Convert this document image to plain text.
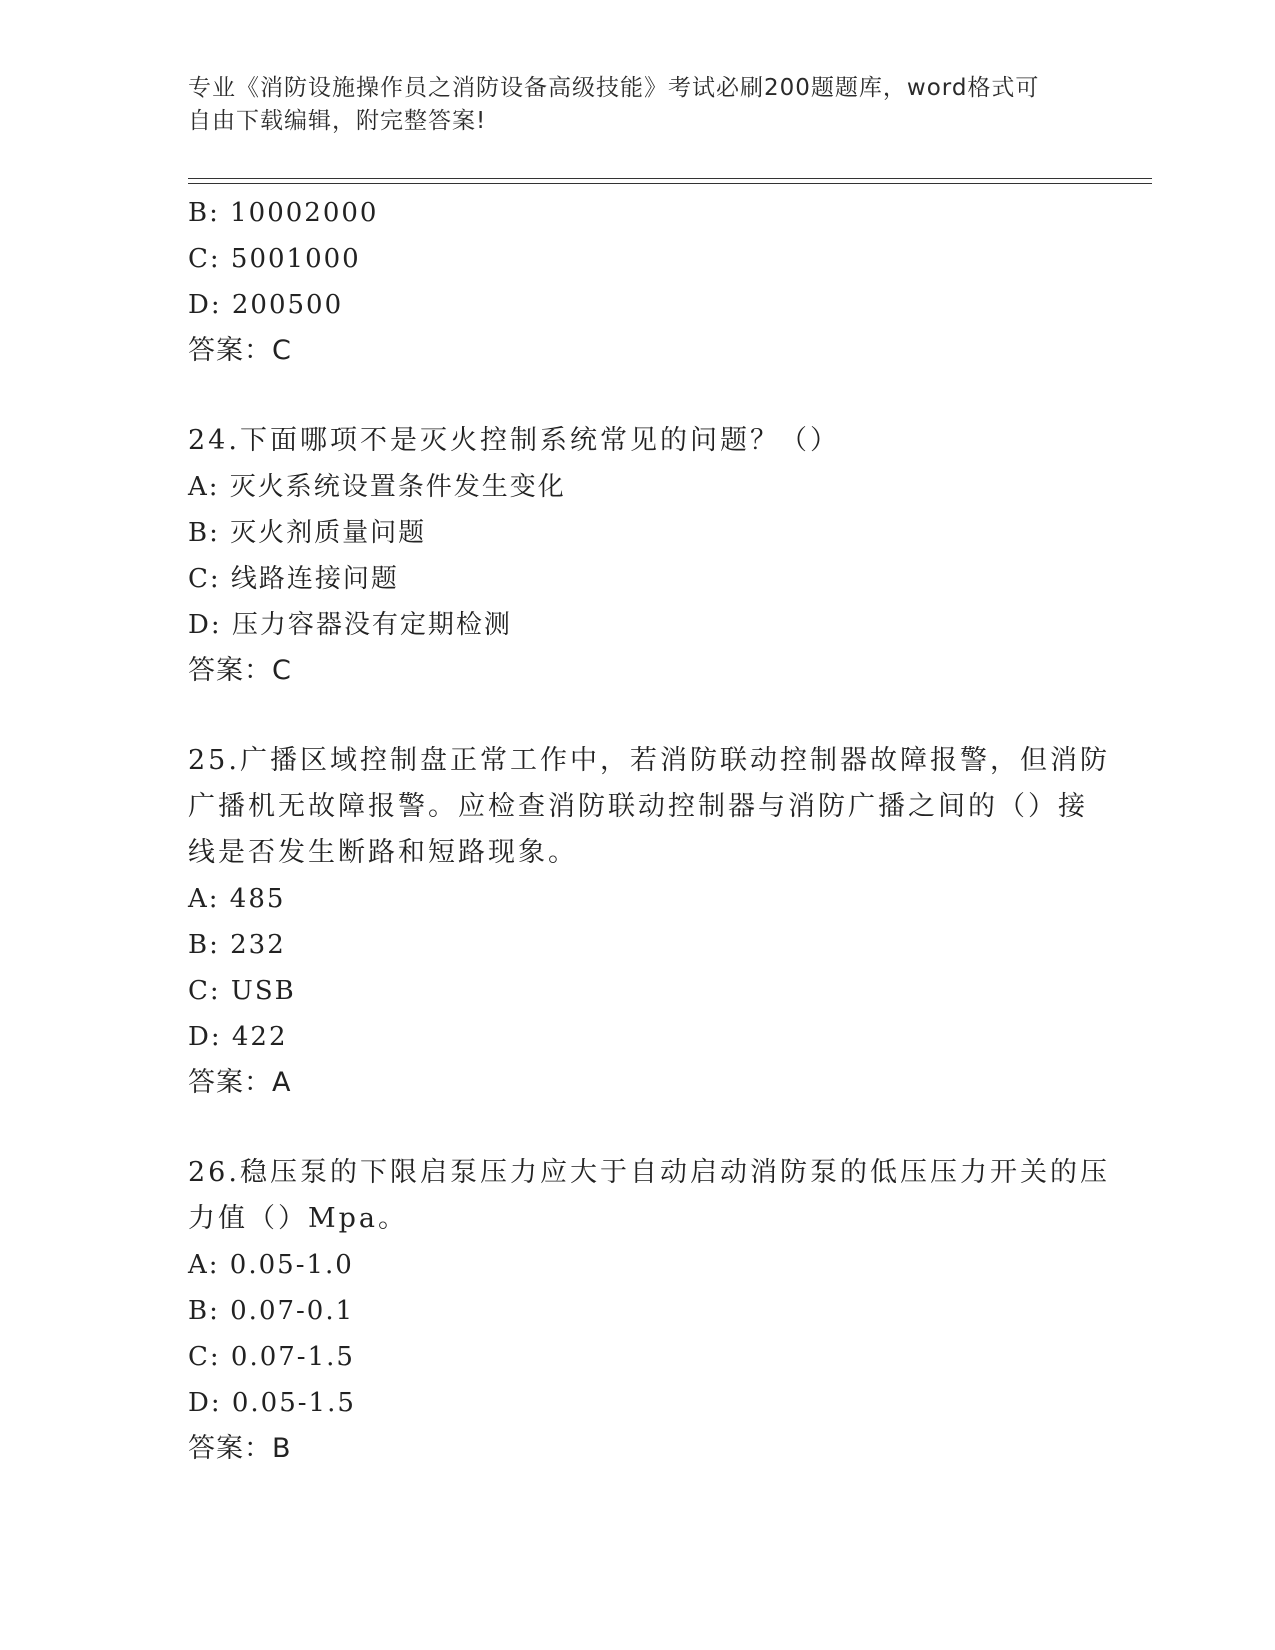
专业《消防设施操作员之消防设备高级技能》考试必刷200题题库，word格式可
自由下载编辑，附完整答案!
B: 10002000
C: 5001000
D: 200500
答案：C
24.下面哪项不是灭火控制系统常见的问题？（）
A: 灭火系统设置条件发生变化
B: 灭火剂质量问题
C: 线路连接问题
D: 压力容器没有定期检测
答案：C
25.广播区域控制盘正常工作中，若消防联动控制器故障报警，但消防
广播机无故障报警。应检查消防联动控制器与消防广播之间的（）接
线是否发生断路和短路现象。
A: 485
B: 232
C: USB
D: 422
答案：A
26.稳压泵的下限启泵压力应大于自动启动消防泵的低压压力开关的压
力值（）Mpa。
A: 0.05-1.0
B: 0.07-0.1
C: 0.07-1.5
D: 0.05-1.5
答案：B
